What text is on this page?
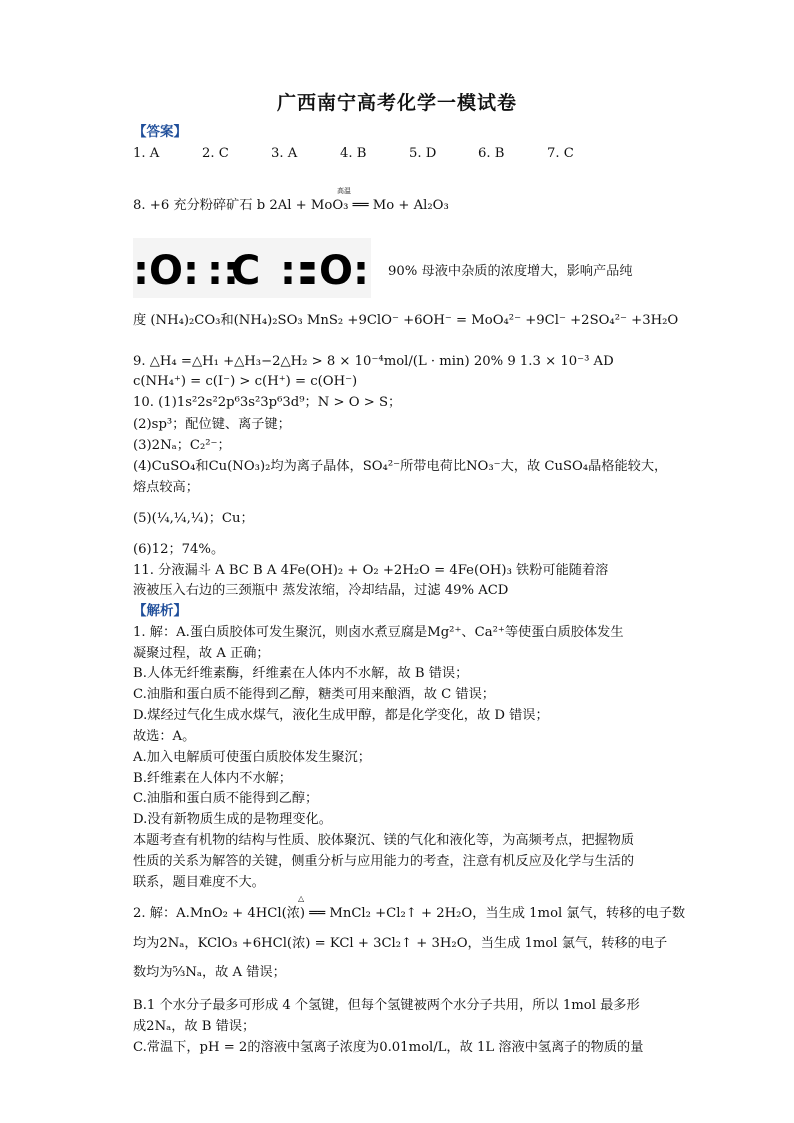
广西南宁高考化学一模试卷
【答案】
1. A	2. C	3. A	4. B	5. D	6. B	7. C
8. +6 充分粉碎矿石 b 2Al + MoO₃ ══ Mo + Al₂O₃
高温
:O: ::
C ::
:O: 90% 母液中杂质的浓度增大，影响产品纯
度 (NH₄)₂CO₃和(NH₄)₂SO₃ MnS₂ +9ClO⁻ +6OH⁻ = MoO₄²⁻ +9Cl⁻ +2SO₄²⁻ +3H₂O
9. △H₄ =△H₁ +△H₃−2△H₂ > 8 × 10⁻⁴mol/(L · min) 20% 9 1.3 × 10⁻³ AD
c(NH₄⁺) = c(I⁻) > c(H⁺) = c(OH⁻)
10. (1)1s²2s²2p⁶3s²3p⁶3d⁹；N > O > S；
(2)sp³；配位键、离子键；
(3)2Nₐ；C₂²⁻；
(4)CuSO₄和Cu(NO₃)₂均为离子晶体，SO₄²⁻所带电荷比NO₃⁻大，故 CuSO₄晶格能较大，
熔点较高；
(5)(¼,¼,¼)；Cu；
(6)12；74%。
11. 分液漏斗 A BC B A 4Fe(OH)₂ + O₂ +2H₂O = 4Fe(OH)₃ 铁粉可能随着溶
液被压入右边的三颈瓶中 蒸发浓缩，冷却结晶，过滤 49% ACD
【解析】
1. 解：A.蛋白质胶体可发生聚沉，则卤水煮豆腐是Mg²⁺、Ca²⁺等使蛋白质胶体发生
凝聚过程，故 A 正确；
B.人体无纤维素酶，纤维素在人体内不水解，故 B 错误；
C.油脂和蛋白质不能得到乙醇，糖类可用来酿酒，故 C 错误；
D.煤经过气化生成水煤气，液化生成甲醇，都是化学变化，故 D 错误；
故选：A。
A.加入电解质可使蛋白质胶体发生聚沉；
B.纤维素在人体内不水解；
C.油脂和蛋白质不能得到乙醇；
D.没有新物质生成的是物理变化。
本题考查有机物的结构与性质、胶体聚沉、镁的气化和液化等，为高频考点，把握物质
性质的关系为解答的关键，侧重分析与应用能力的考查，注意有机反应及化学与生活的
联系，题目难度不大。
△
2. 解：A.MnO₂ + 4HCl(浓) ══ MnCl₂ +Cl₂↑ + 2H₂O，当生成 1mol 氯气，转移的电子数
均为2Nₐ，KClO₃ +6HCl(浓) = KCl + 3Cl₂↑ + 3H₂O，当生成 1mol 氯气，转移的电子
数均为⁵⁄₃Nₐ，故 A 错误；
B.1 个水分子最多可形成 4 个氢键，但每个氢键被两个水分子共用，所以 1mol 最多形
成2Nₐ，故 B 错误；
C.常温下，pH = 2的溶液中氢离子浓度为0.01mol/L，故 1L 溶液中氢离子的物质的量
